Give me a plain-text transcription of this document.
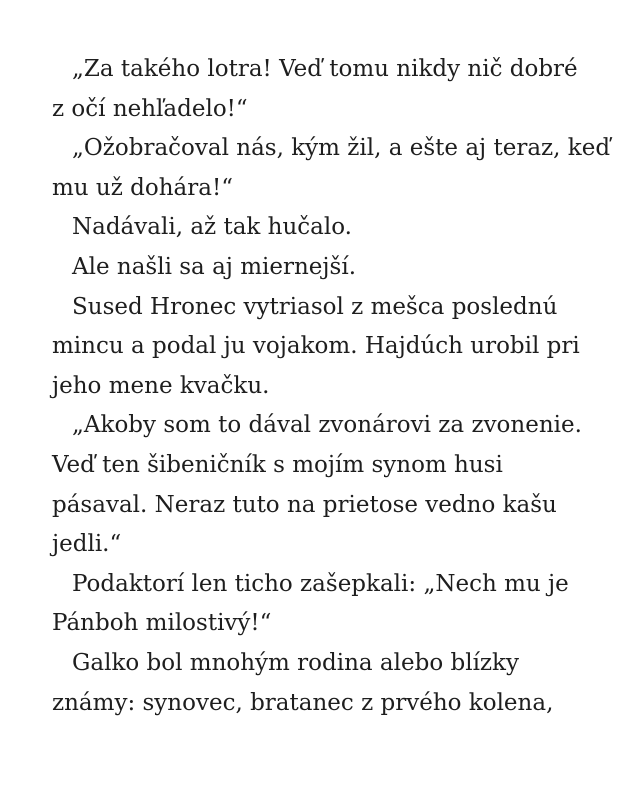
„Za takého lotra! Veď tomu nikdy nič dobré
z očí nehľadelo!“

„Ožobračoval nás, kým žil, a ešte aj teraz, keď
mu už dohára!“

Nadávali, až tak hučalo.

Ale našli sa aj miernejší.

Sused Hronec vytriasol z mešca poslednú
mincu a podal ju vojakom. Hajdúch urobil pri
jeho mene kvačku.

„Akoby som to dával zvonárovi za zvonenie.
Veď ten šibeničník s mojím synom husi
pásaval. Neraz tuto na prietose vedno kašu
jedli.“

Podaktorí len ticho zašepkali: „Nech mu je
Pánboh milostivý!“

Galko bol mnohým rodina alebo blízky
známy: synovec, bratanec z prvého kolena,
